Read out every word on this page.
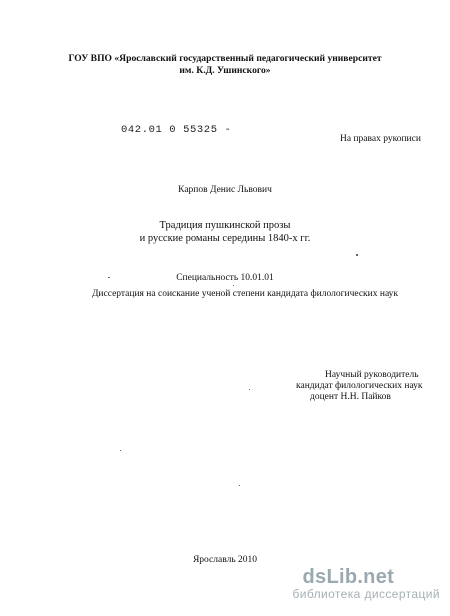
ГОУ ВПО «Ярославский государственный педагогический университет
им. К.Д. Ушинского»
042.01 0 55325 -
На правах рукописи
Карпов Денис Львович
Традиция пушкинской прозы
и русские романы середины 1840-х гг.
Специальность 10.01.01
Диссертация на соискание ученой степени кандидата филологических наук
Научный руководитель
кандидат филологических наук
доцент Н.Н. Пайков
Ярославль 2010
dsLib.net
библиотека диссертаций
